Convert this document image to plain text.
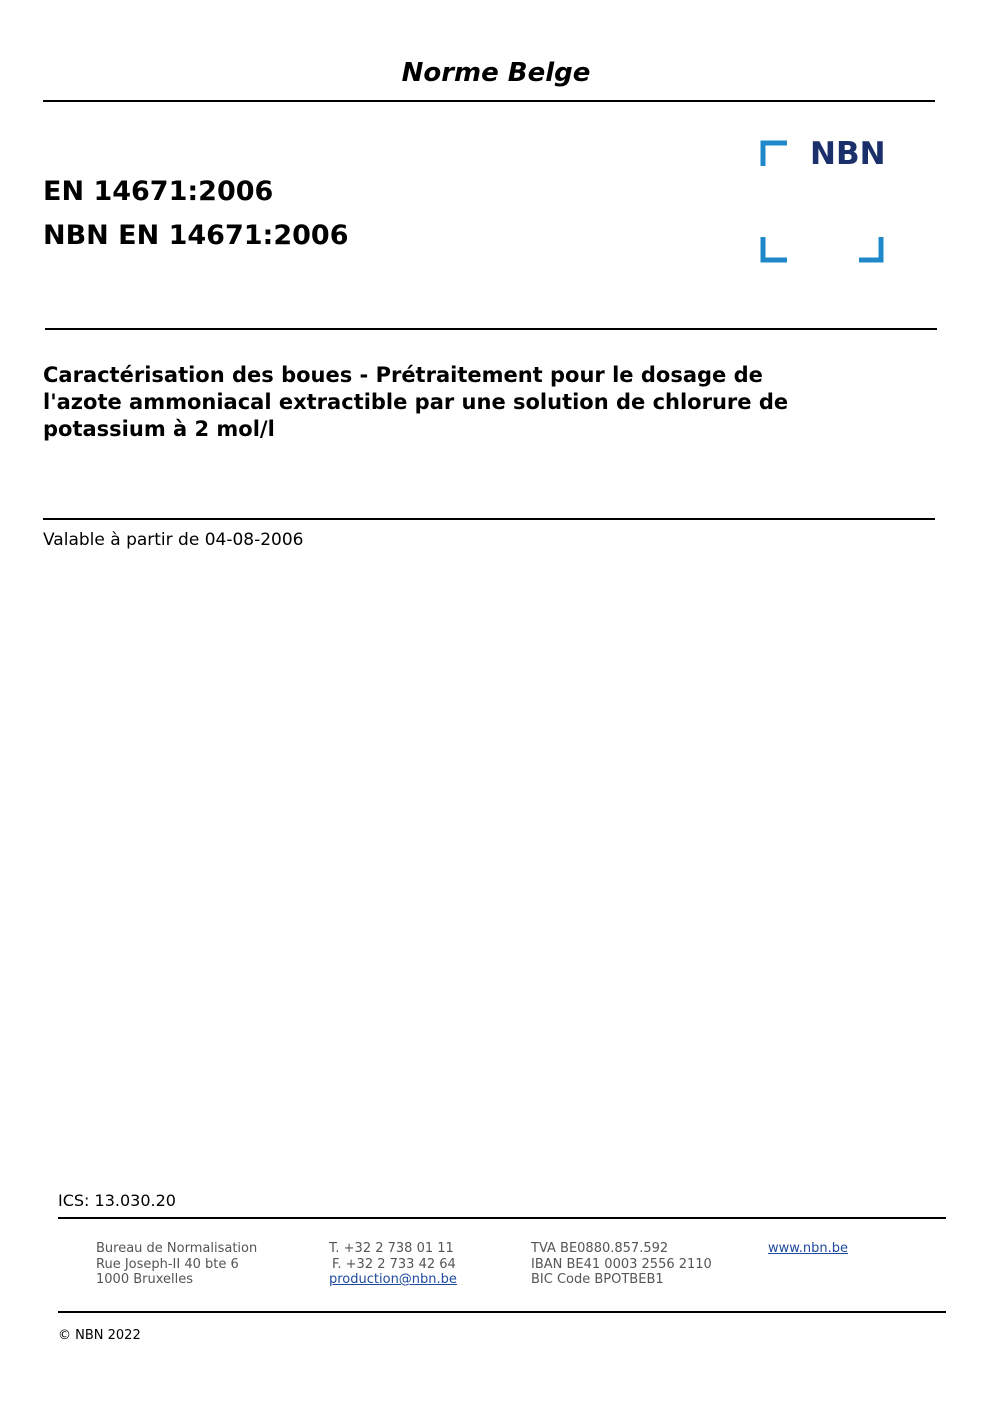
Norme Belge
EN 14671:2006
NBN EN 14671:2006
NBN
Caractérisation des boues - Prétraitement pour le dosage de
l'azote ammoniacal extractible par une solution de chlorure de
potassium à 2 mol/l
Valable à partir de 04-08-2006
ICS: 13.030.20
Bureau de Normalisation
Rue Joseph-II 40 bte 6
1000 Bruxelles
T. +32 2 738 01 11
F. +32 2 733 42 64
production@nbn.be
TVA BE0880.857.592
IBAN BE41 0003 2556 2110
BIC Code BPOTBEB1
www.nbn.be
© NBN 2022
